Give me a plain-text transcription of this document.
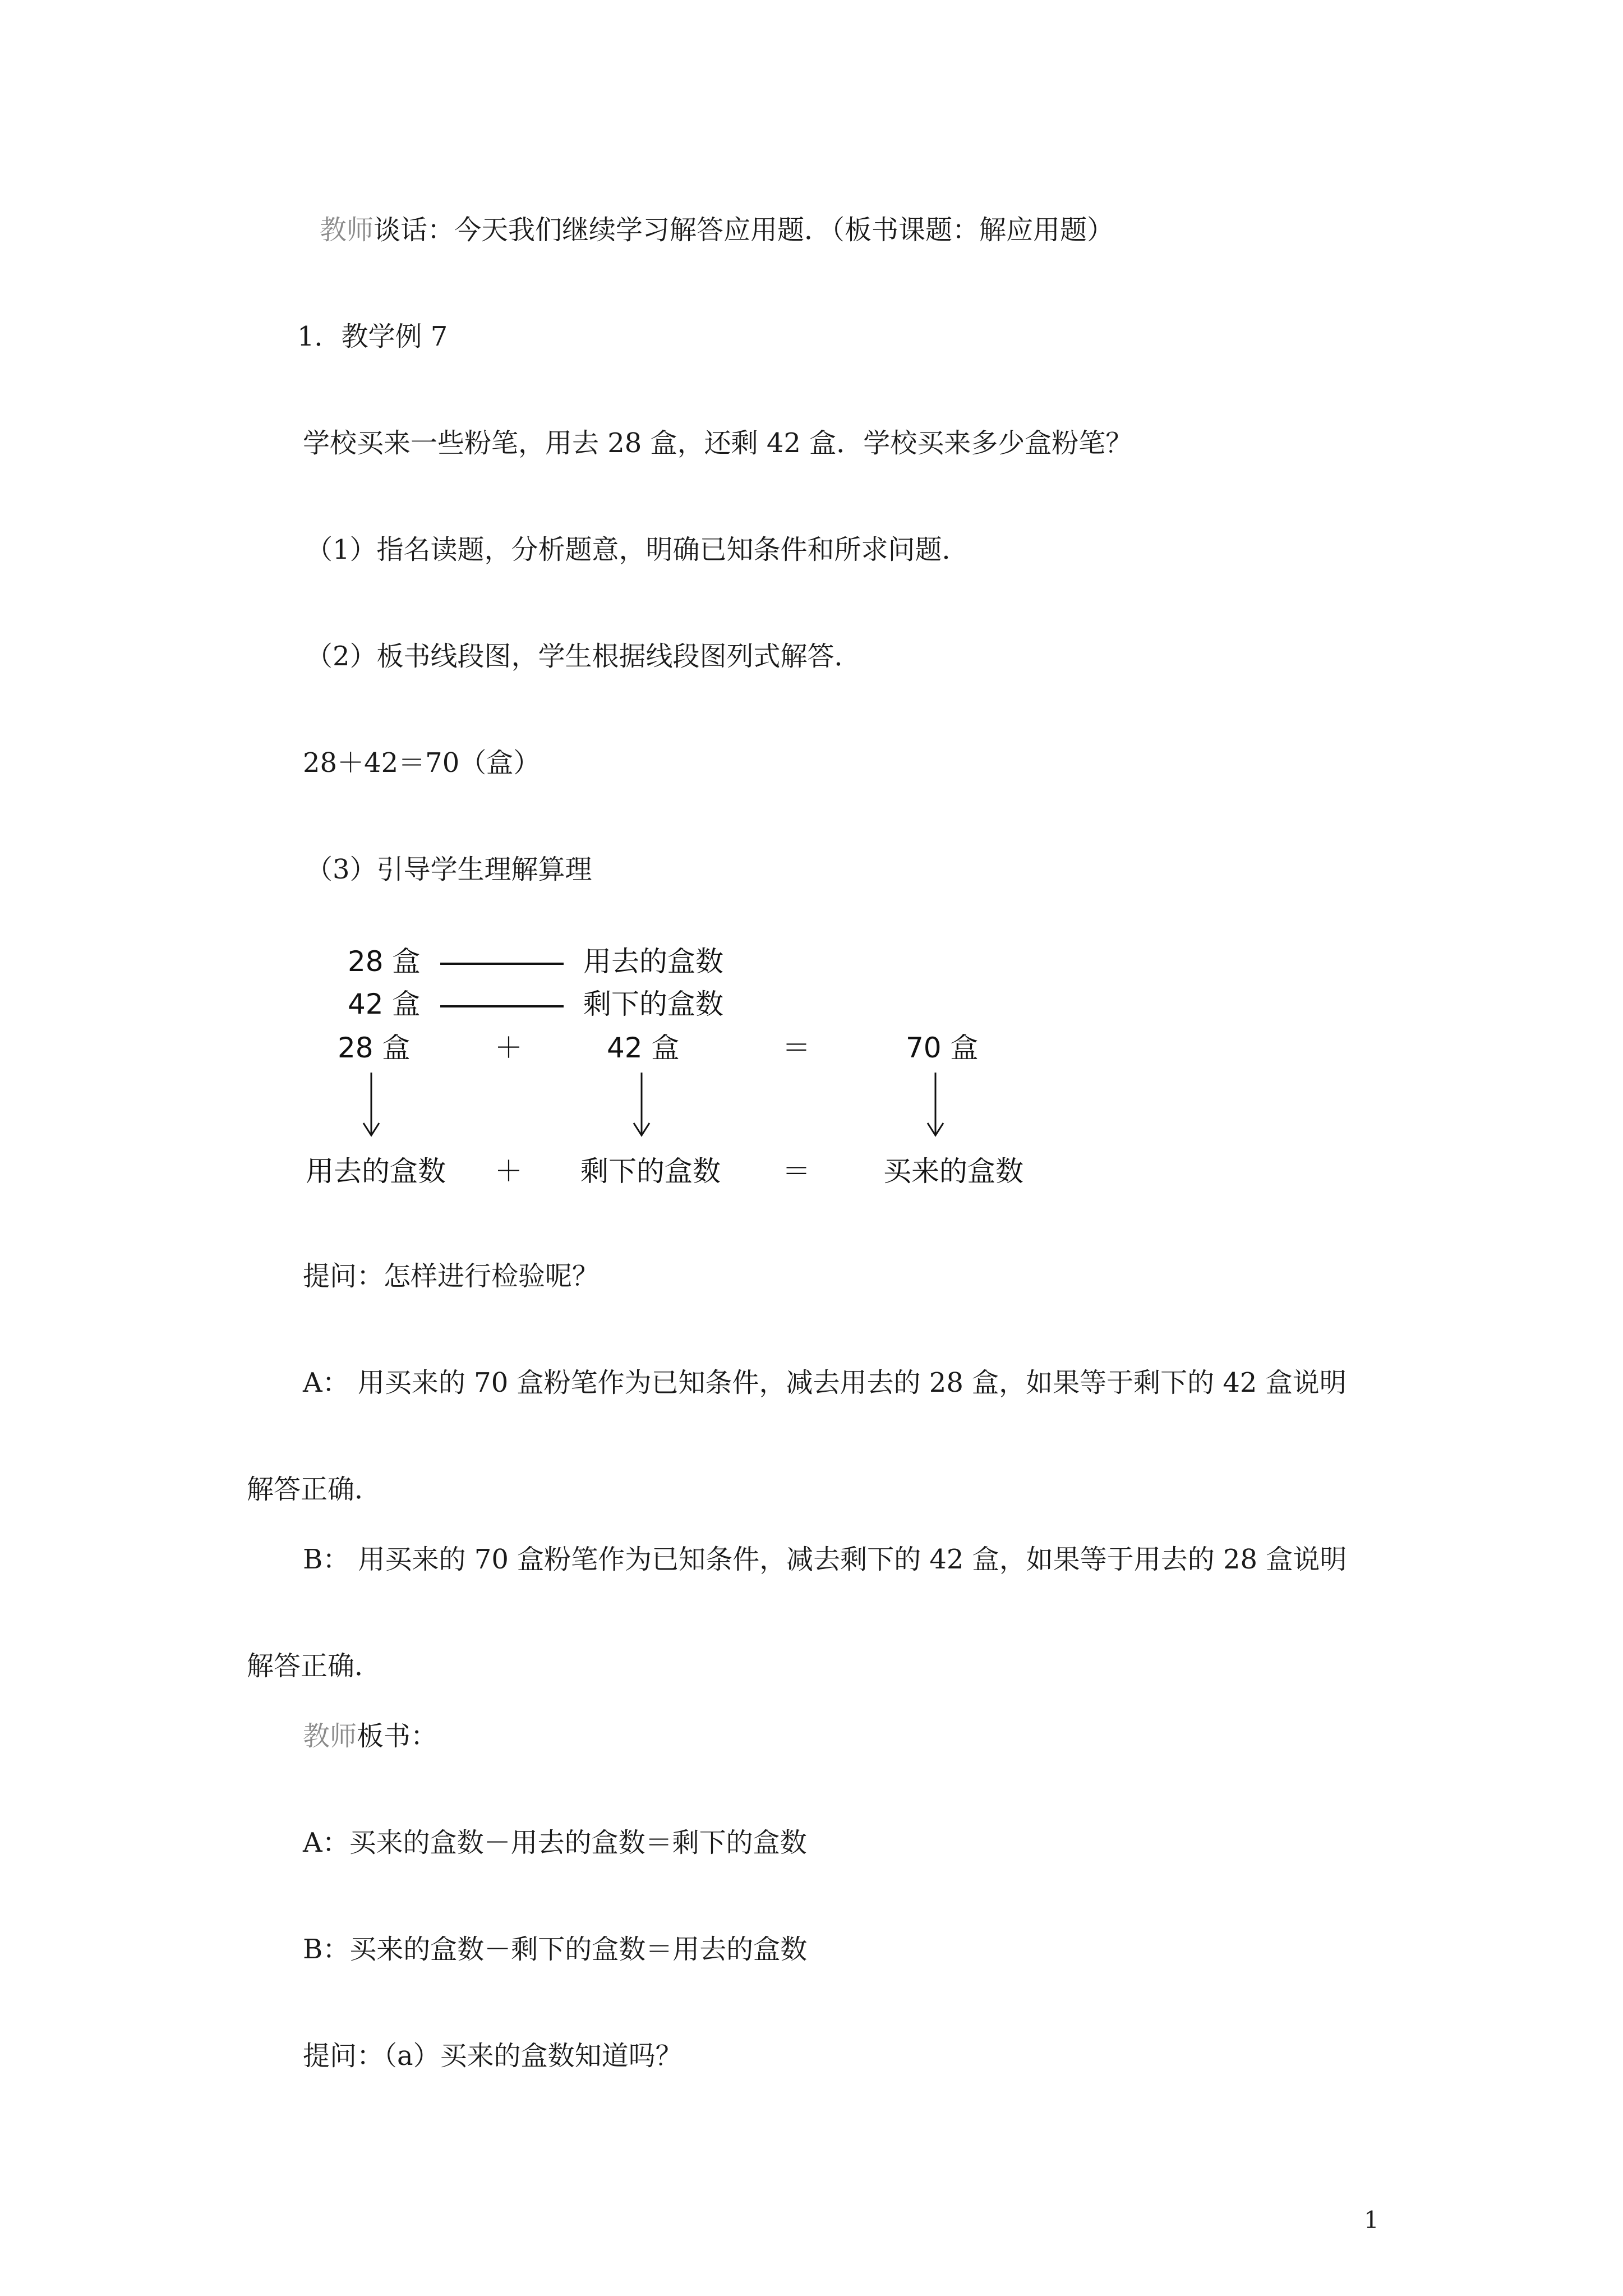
教师谈话：今天我们继续学习解答应用题．（板书课题：解应用题）

1．教学例 7

学校买来一些粉笔，用去 28 盒，还剩 42 盒．学校买来多少盒粉笔？

（1）指名读题，分析题意，明确已知条件和所求问题．

（2）板书线段图，学生根据线段图列式解答．

28＋42＝70（盒）

（3）引导学生理解算理

28 盒	用去的盒数
42 盒	剩下的盒数
28 盒	＋	42 盒	＝	70 盒
用去的盒数 ＋ 剩下的盒数 ＝	买来的盒数

提问：怎样进行检验呢？

A： 用买来的 70 盒粉笔作为已知条件，减去用去的 28 盒，如果等于剩下的 42 盒说明

解答正确．

B： 用买来的 70 盒粉笔作为已知条件，减去剩下的 42 盒，如果等于用去的 28 盒说明

解答正确．

教师板书：

A：买来的盒数－用去的盒数＝剩下的盒数

B：买来的盒数－剩下的盒数＝用去的盒数

提问：（a）买来的盒数知道吗？

1
